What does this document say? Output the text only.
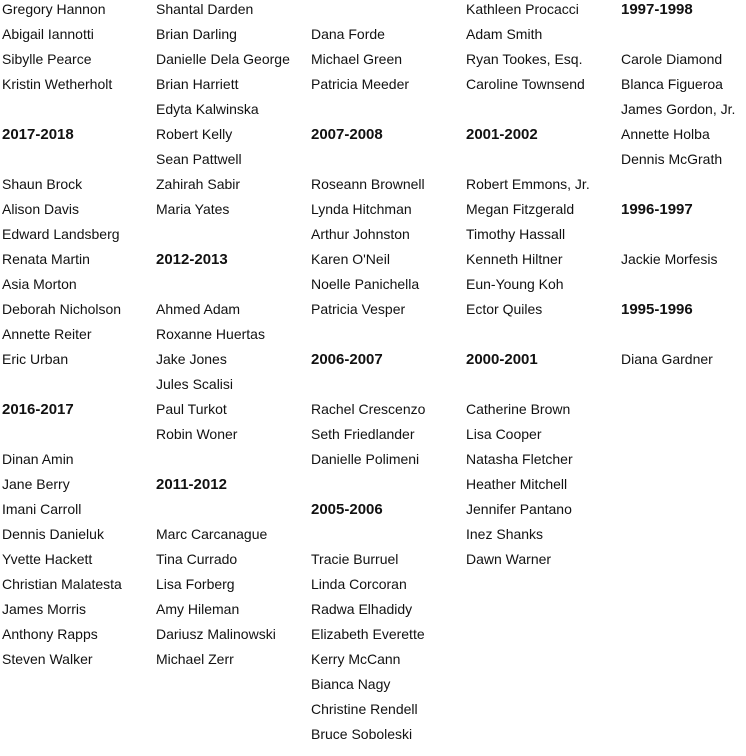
Gregory Hannon
Abigail Iannotti
Sibylle Pearce
Kristin Wetherholt
2017-2018
Shaun Brock
Alison Davis
Edward Landsberg
Renata Martin
Asia Morton
Deborah Nicholson
Annette Reiter
Eric Urban
2016-2017
Dinan Amin
Jane Berry
Imani Carroll
Dennis Danieluk
Yvette Hackett
Christian Malatesta
James Morris
Anthony Rapps
Steven Walker
Shantal Darden
Brian Darling
Danielle Dela George
Brian Harriett
Edyta Kalwinska
Robert Kelly
Sean Pattwell
Zahirah Sabir
Maria Yates
2012-2013
Ahmed Adam
Roxanne Huertas
Jake Jones
Jules Scalisi
Paul Turkot
Robin Woner
2011-2012
Marc Carcanague
Tina Currado
Lisa Forberg
Amy Hileman
Dariusz Malinowski
Michael Zerr
Dana Forde
Michael Green
Patricia Meeder
2007-2008
Roseann Brownell
Lynda Hitchman
Arthur Johnston
Karen O'Neil
Noelle Panichella
Patricia Vesper
2006-2007
Rachel Crescenzo
Seth Friedlander
Danielle Polimeni
2005-2006
Tracie Burruel
Linda Corcoran
Radwa Elhadidy
Elizabeth Everette
Kerry McCann
Bianca Nagy
Christine Rendell
Bruce Soboleski
Kathleen Procacci
Adam Smith
Ryan Tookes, Esq.
Caroline Townsend
2001-2002
Robert Emmons, Jr.
Megan Fitzgerald
Timothy Hassall
Kenneth Hiltner
Eun-Young Koh
Ector Quiles
2000-2001
Catherine Brown
Lisa Cooper
Natasha Fletcher
Heather Mitchell
Jennifer Pantano
Inez Shanks
Dawn Warner
1997-1998
Carole Diamond
Blanca Figueroa
James Gordon, Jr.
Annette Holba
Dennis McGrath
1996-1997
Jackie Morfesis
1995-1996
Diana Gardner
